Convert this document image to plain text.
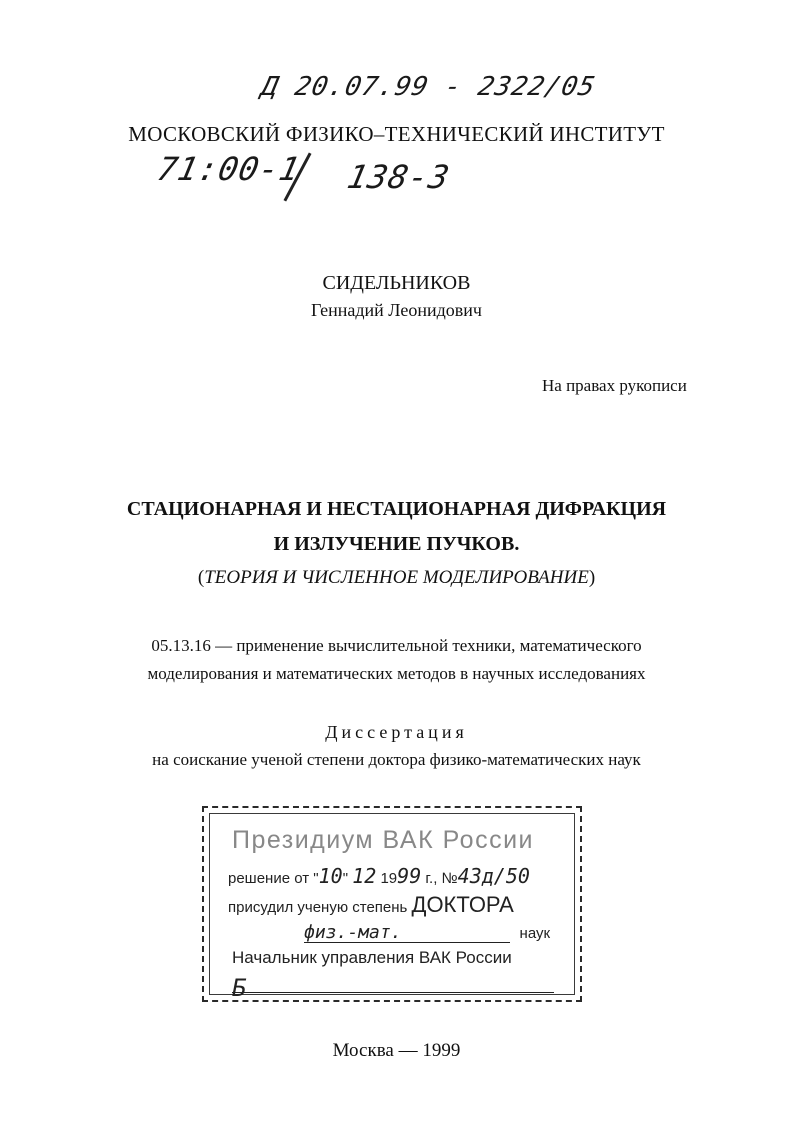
Д 20.07.99 - 2322/05
МОСКОВСКИЙ ФИЗИКО–ТЕХНИЧЕСКИЙ ИНСТИТУТ
71:00-1 138-3
СИДЕЛЬНИКОВ
Геннадий Леонидович
На правах рукописи
СТАЦИОНАРНАЯ И НЕСТАЦИОНАРНАЯ ДИФРАКЦИЯ
И ИЗЛУЧЕНИЕ ПУЧКОВ.
(ТЕОРИЯ И ЧИСЛЕННОЕ МОДЕЛИРОВАНИЕ)
05.13.16 — применение вычислительной техники, математического
моделирования и математических методов в научных исследованиях
Диссертация
на соискание ученой степени доктора физико-математических наук
Президиум ВАК России
решение от "10" 12 1999 г., №43д/50
присудил ученую степень ДОКТОРА
физ.-мат.	наук
Начальник управления ВАК России
Б
Москва — 1999
